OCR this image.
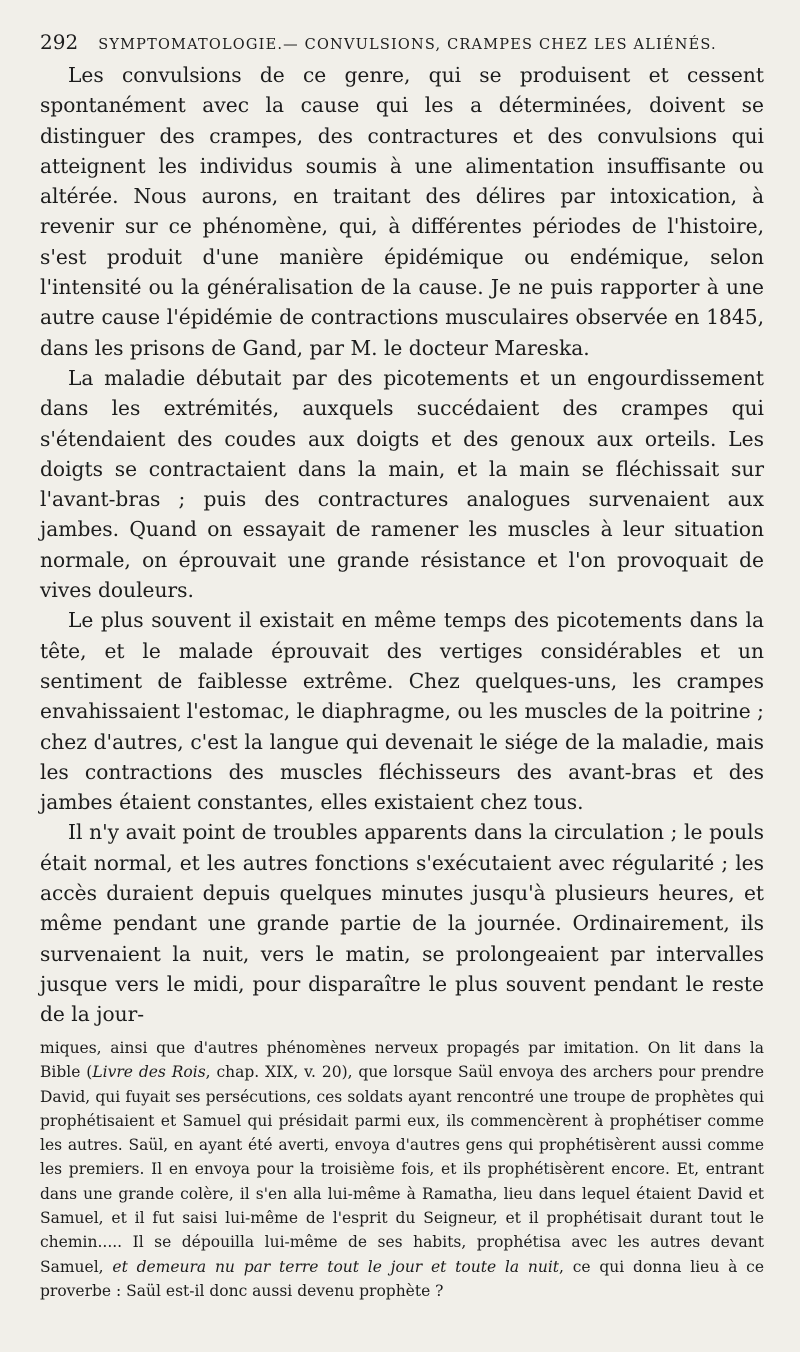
292 SYMPTOMATOLOGIE.— CONVULSIONS, CRAMPES CHEZ LES ALIÉNÉS.

Les convulsions de ce genre, qui se produisent et cessent spontanément avec la cause qui les a déterminées, doivent se distinguer des crampes, des contractures et des convulsions qui atteignent les individus soumis à une alimentation insuffisante ou altérée. Nous aurons, en traitant des délires par intoxication, à revenir sur ce phénomène, qui, à différentes périodes de l'histoire, s'est produit d'une manière épidémique ou endémique, selon l'intensité ou la généralisation de la cause. Je ne puis rapporter à une autre cause l'épidémie de contractions musculaires observée en 1845, dans les prisons de Gand, par M. le docteur Mareska.

La maladie débutait par des picotements et un engourdissement dans les extrémités, auxquels succédaient des crampes qui s'étendaient des coudes aux doigts et des genoux aux orteils. Les doigts se contractaient dans la main, et la main se fléchissait sur l'avant-bras ; puis des contractures analogues survenaient aux jambes. Quand on essayait de ramener les muscles à leur situation normale, on éprouvait une grande résistance et l'on provoquait de vives douleurs.

Le plus souvent il existait en même temps des picotements dans la tête, et le malade éprouvait des vertiges considérables et un sentiment de faiblesse extrême. Chez quelques-uns, les crampes envahissaient l'estomac, le diaphragme, ou les muscles de la poitrine ; chez d'autres, c'est la langue qui devenait le siége de la maladie, mais les contractions des muscles fléchisseurs des avant-bras et des jambes étaient constantes, elles existaient chez tous.

Il n'y avait point de troubles apparents dans la circulation ; le pouls était normal, et les autres fonctions s'exécutaient avec régularité ; les accès duraient depuis quelques minutes jusqu'à plusieurs heures, et même pendant une grande partie de la journée. Ordinairement, ils survenaient la nuit, vers le matin, se prolongeaient par intervalles jusque vers le midi, pour disparaître le plus souvent pendant le reste de la jour-

miques, ainsi que d'autres phénomènes nerveux propagés par imitation. On lit dans la Bible (Livre des Rois, chap. XIX, v. 20), que lorsque Saül envoya des archers pour prendre David, qui fuyait ses persécutions, ces soldats ayant rencontré une troupe de prophètes qui prophétisaient et Samuel qui présidait parmi eux, ils commencèrent à prophétiser comme les autres. Saül, en ayant été averti, envoya d'autres gens qui prophétisèrent aussi comme les premiers. Il en envoya pour la troisième fois, et ils prophétisèrent encore. Et, entrant dans une grande colère, il s'en alla lui-même à Ramatha, lieu dans lequel étaient David et Samuel, et il fut saisi lui-même de l'esprit du Seigneur, et il prophétisait durant tout le chemin..... Il se dépouilla lui-même de ses habits, prophétisa avec les autres devant Samuel, et demeura nu par terre tout le jour et toute la nuit, ce qui donna lieu à ce proverbe : Saül est-il donc aussi devenu prophète ?
